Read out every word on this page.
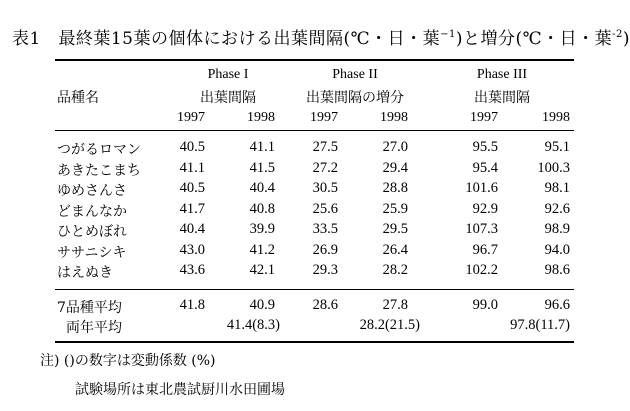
表1　最終葉15葉の個体における出葉間隔(℃・日・葉$^{-1}$)と増分(℃・日・葉$^{-2}$)
品種名
Phase I
出葉間隔
Phase II
出葉間隔の増分
Phase III
出葉間隔
1997	1998	1997	1998	1997	1998
つがるロマン	40.5	41.1	27.5	27.0	95.5	95.1
あきたこまち	41.1	41.5	27.2	29.4	95.4	100.3
ゆめさんさ	40.5	40.4	30.5	28.8	101.6	98.1
どまんなか	41.7	40.8	25.6	25.9	92.9	92.6
ひとめぼれ	40.4	39.9	33.5	29.5	107.3	98.9
ササニシキ	43.0	41.2	26.9	26.4	96.7	94.0
はえぬき	43.6	42.1	29.3	28.2	102.2	98.6
7品種平均	41.8	40.9	28.6	27.8	99.0	96.6
両年平均	41.4(8.3)	28.2(21.5)	97.8(11.7)
注) ()の数字は変動係数 (%)
試験場所は東北農試厨川水田圃場
